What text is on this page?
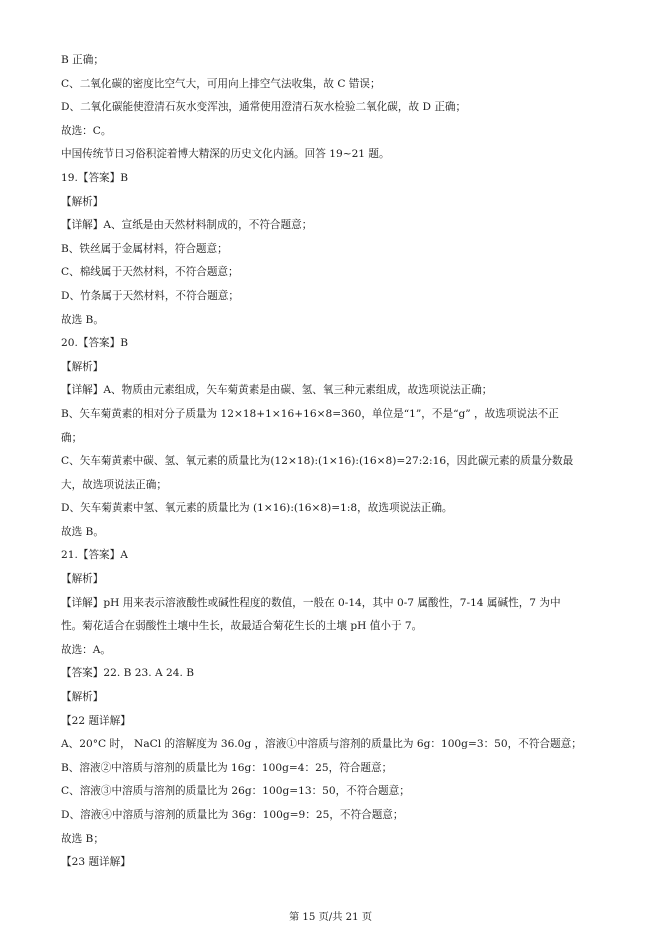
B 正确；
C、二氧化碳的密度比空气大，可用向上排空气法收集，故 C 错误；
D、二氧化碳能使澄清石灰水变浑浊，通常使用澄清石灰水检验二氧化碳，故 D 正确；
故选：C。
中国传统节日习俗积淀着博大精深的历史文化内涵。回答 19~21 题。
19.【答案】B
【解析】
【详解】A、宣纸是由天然材料制成的，不符合题意；
B、铁丝属于金属材料，符合题意；
C、棉线属于天然材料，不符合题意；
D、竹条属于天然材料，不符合题意；
故选 B。
20.【答案】B
【解析】
【详解】A、物质由元素组成，矢车菊黄素是由碳、氢、氧三种元素组成，故选项说法正确；
B、矢车菊黄素的相对分子质量为 12×18+1×16+16×8=360，单位是“1”，不是“g” ，故选项说法不正
确；
C、矢车菊黄素中碳、氢、氧元素的质量比为(12×18):(1×16):(16×8)=27:2:16，因此碳元素的质量分数最
大，故选项说法正确；
D、矢车菊黄素中氢、氧元素的质量比为 (1×16):(16×8)=1:8，故选项说法正确。
故选 B。
21.【答案】A
【解析】
【详解】pH 用来表示溶液酸性或碱性程度的数值，一般在 0-14，其中 0-7 属酸性，7-14 属碱性，7 为中
性。菊花适合在弱酸性土壤中生长，故最适合菊花生长的土壤 pH 值小于 7。
故选：A。
【答案】22. B 23. A 24. B
【解析】
【22 题详解】
A、20°C 时， NaCl 的溶解度为 36.0g ，溶液①中溶质与溶剂的质量比为 6g：100g=3：50，不符合题意；
B、溶液②中溶质与溶剂的质量比为 16g：100g=4：25，符合题意；
C、溶液③中溶质与溶剂的质量比为 26g：100g=13：50，不符合题意；
D、溶液④中溶质与溶剂的质量比为 36g：100g=9：25，不符合题意；
故选 B；
【23 题详解】
第 15 页/共 21 页
